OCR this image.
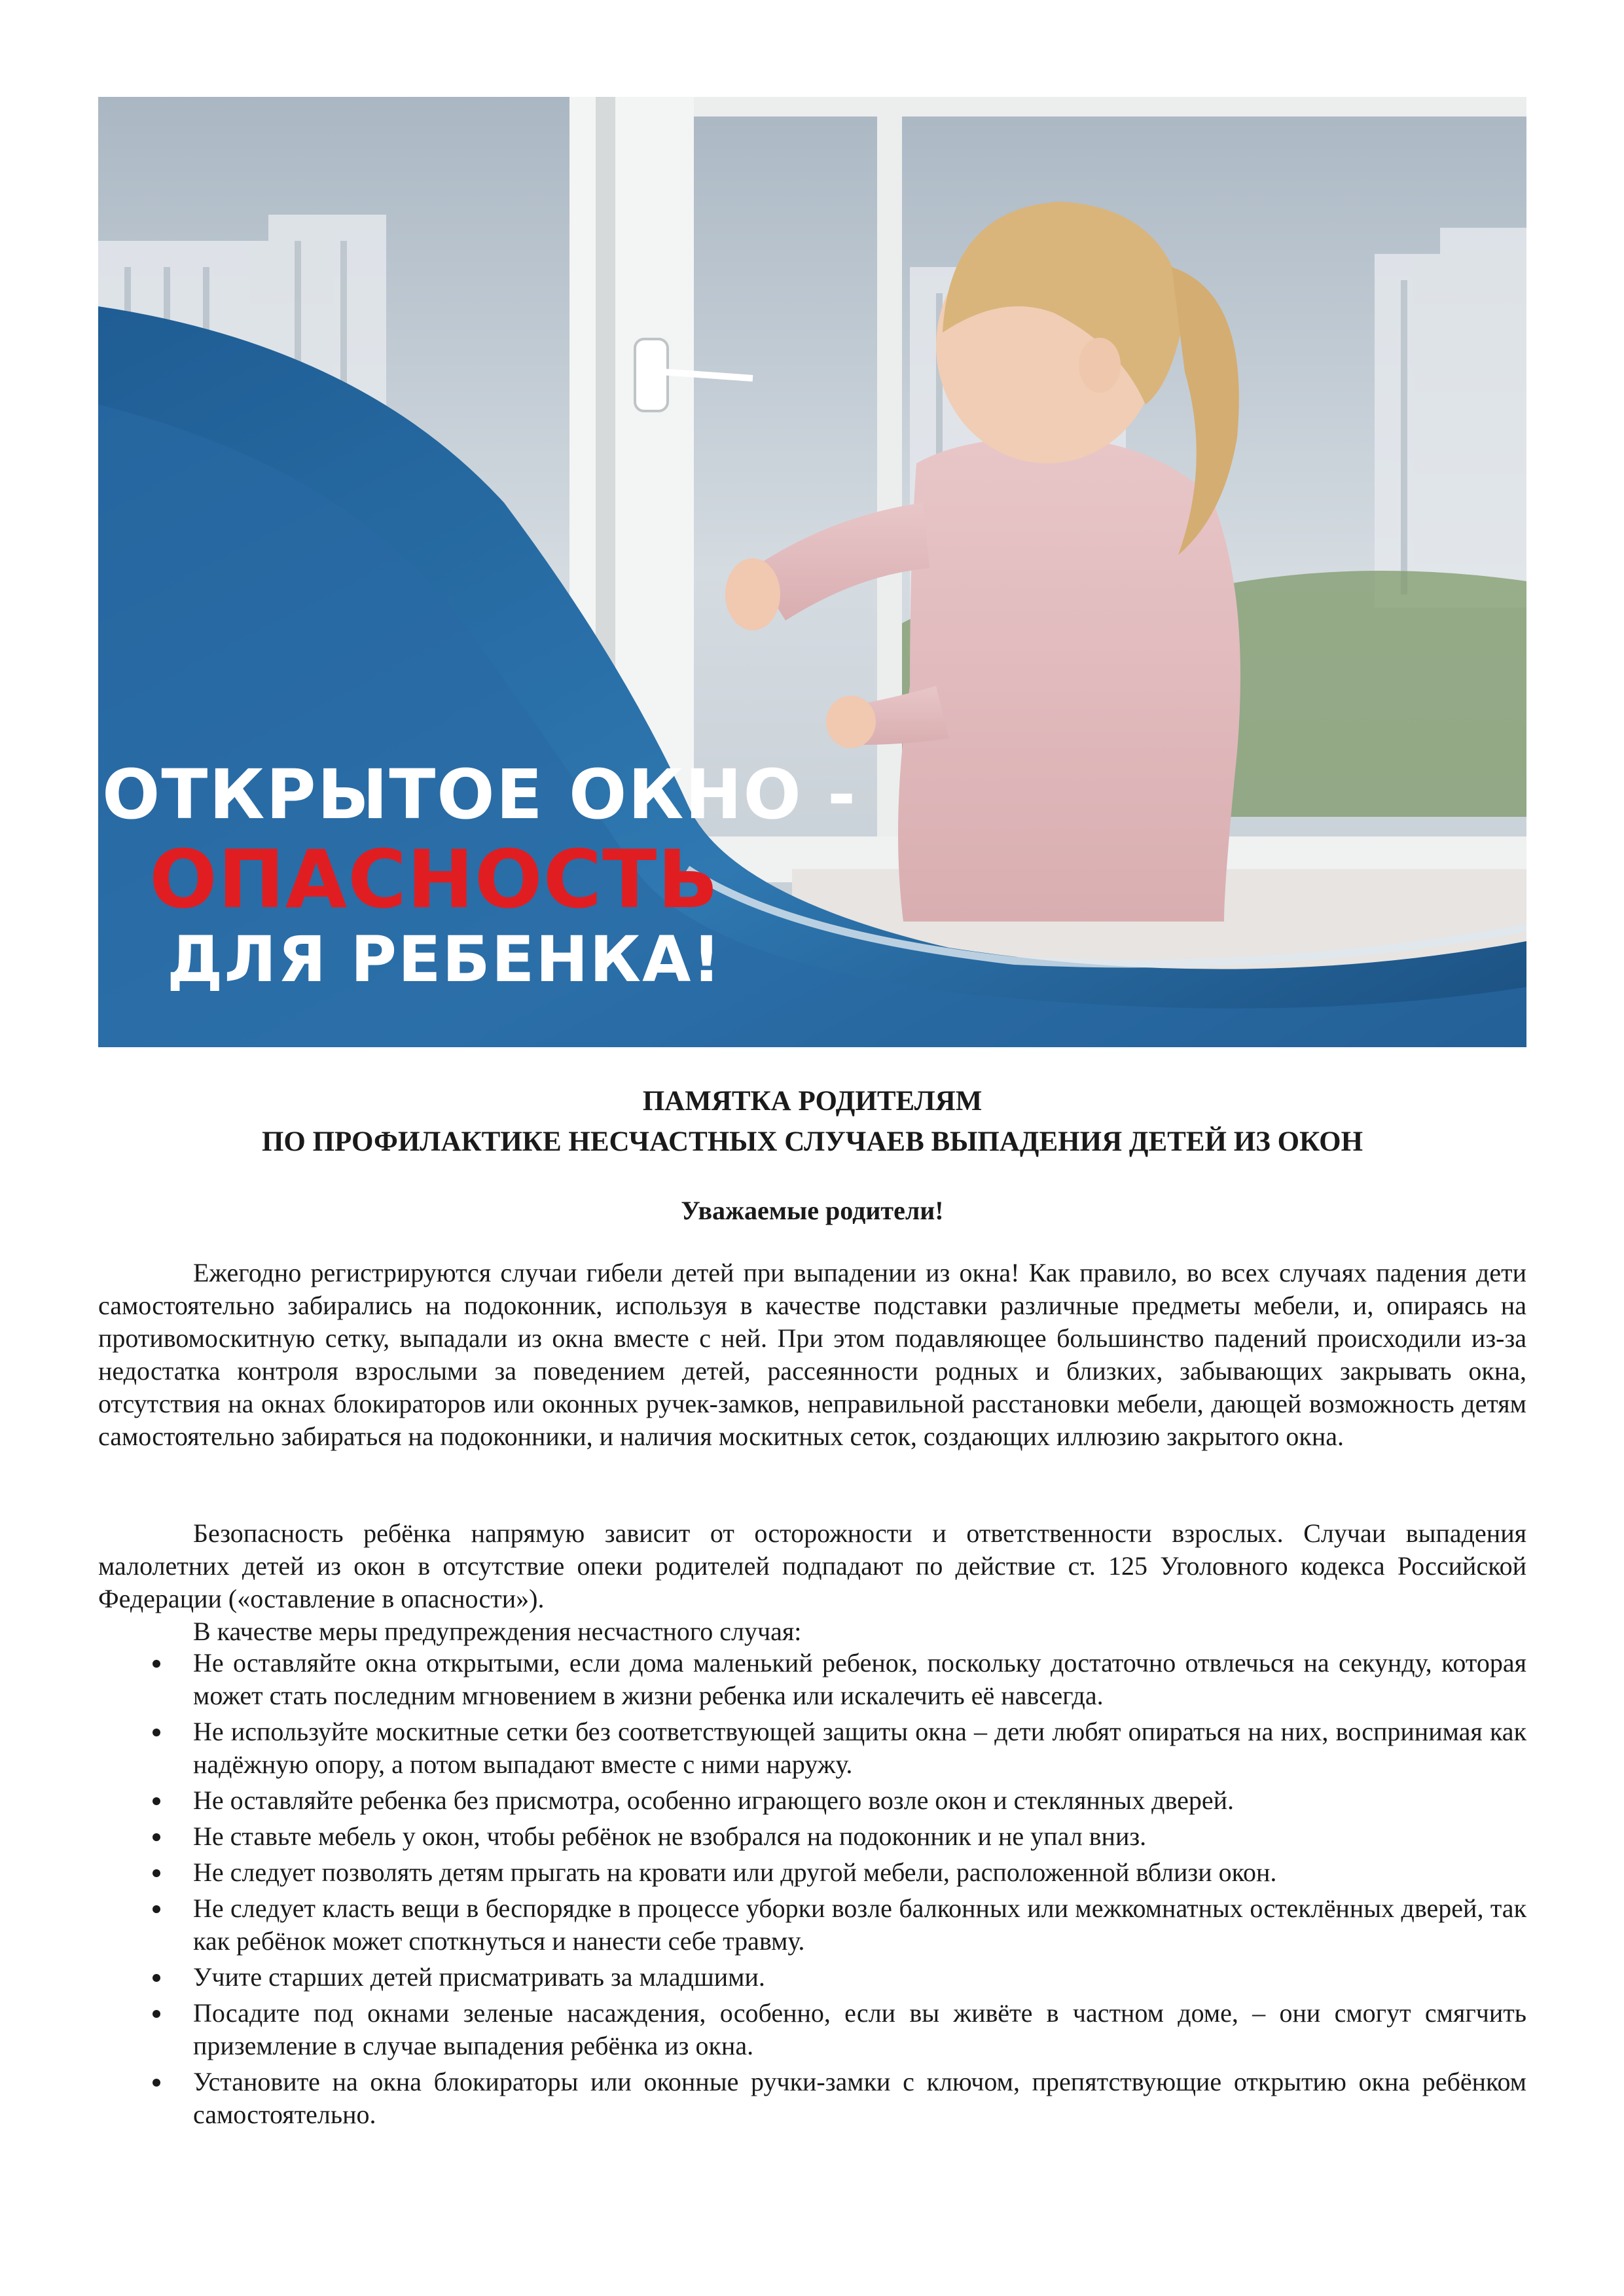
ОТКРЫТОЕ ОКНО -
ОПАСНОСТЬ
ДЛЯ РЕБЕНКА!
ПАМЯТКА РОДИТЕЛЯМ
ПО ПРОФИЛАКТИКЕ НЕСЧАСТНЫХ СЛУЧАЕВ ВЫПАДЕНИЯ ДЕТЕЙ ИЗ ОКОН
Уважаемые родители!
Ежегодно регистрируются случаи гибели детей при выпадении из окна! Как правило, во всех случаях падения дети самостоятельно забирались на подоконник, используя в качестве подставки различные предметы мебели, и, опираясь на противомоскитную сетку, выпадали из окна вместе с ней. При этом подавляющее большинство падений происходили из-за недостатка контроля взрослыми за поведением детей, рассеянности родных и близких, забывающих закрывать окна, отсутствия на окнах блокираторов или оконных ручек-замков, неправильной расстановки мебели, дающей возможность детям самостоятельно забираться на подоконники, и наличия москитных сеток, создающих иллюзию закрытого окна.
Безопасность ребёнка напрямую зависит от осторожности и ответственности взрослых. Случаи выпадения малолетних детей из окон в отсутствие опеки родителей подпадают по действие ст. 125 Уголовного кодекса Российской Федерации («оставление в опасности»).
В качестве меры предупреждения несчастного случая:
Не оставляйте окна открытыми, если дома маленький ребенок, поскольку достаточно отвлечься на секунду, которая может стать последним мгновением в жизни ребенка или искалечить её навсегда.
Не используйте москитные сетки без соответствующей защиты окна – дети любят опираться на них, воспринимая как надёжную опору, а потом выпадают вместе с ними наружу.
Не оставляйте ребенка без присмотра, особенно играющего возле окон и стеклянных дверей.
Не ставьте мебель у окон, чтобы ребёнок не взобрался на подоконник и не упал вниз.
Не следует позволять детям прыгать на кровати или другой мебели, расположенной вблизи окон.
Не следует класть вещи в беспорядке в процессе уборки возле балконных или межкомнатных остеклённых дверей, так как ребёнок может споткнуться и нанести себе травму.
Учите старших детей присматривать за младшими.
Посадите под окнами зеленые насаждения, особенно, если вы живёте в частном доме, – они смогут смягчить приземление в случае выпадения ребёнка из окна.
Установите на окна блокираторы или оконные ручки-замки с ключом, препятствующие открытию окна ребёнком самостоятельно.
